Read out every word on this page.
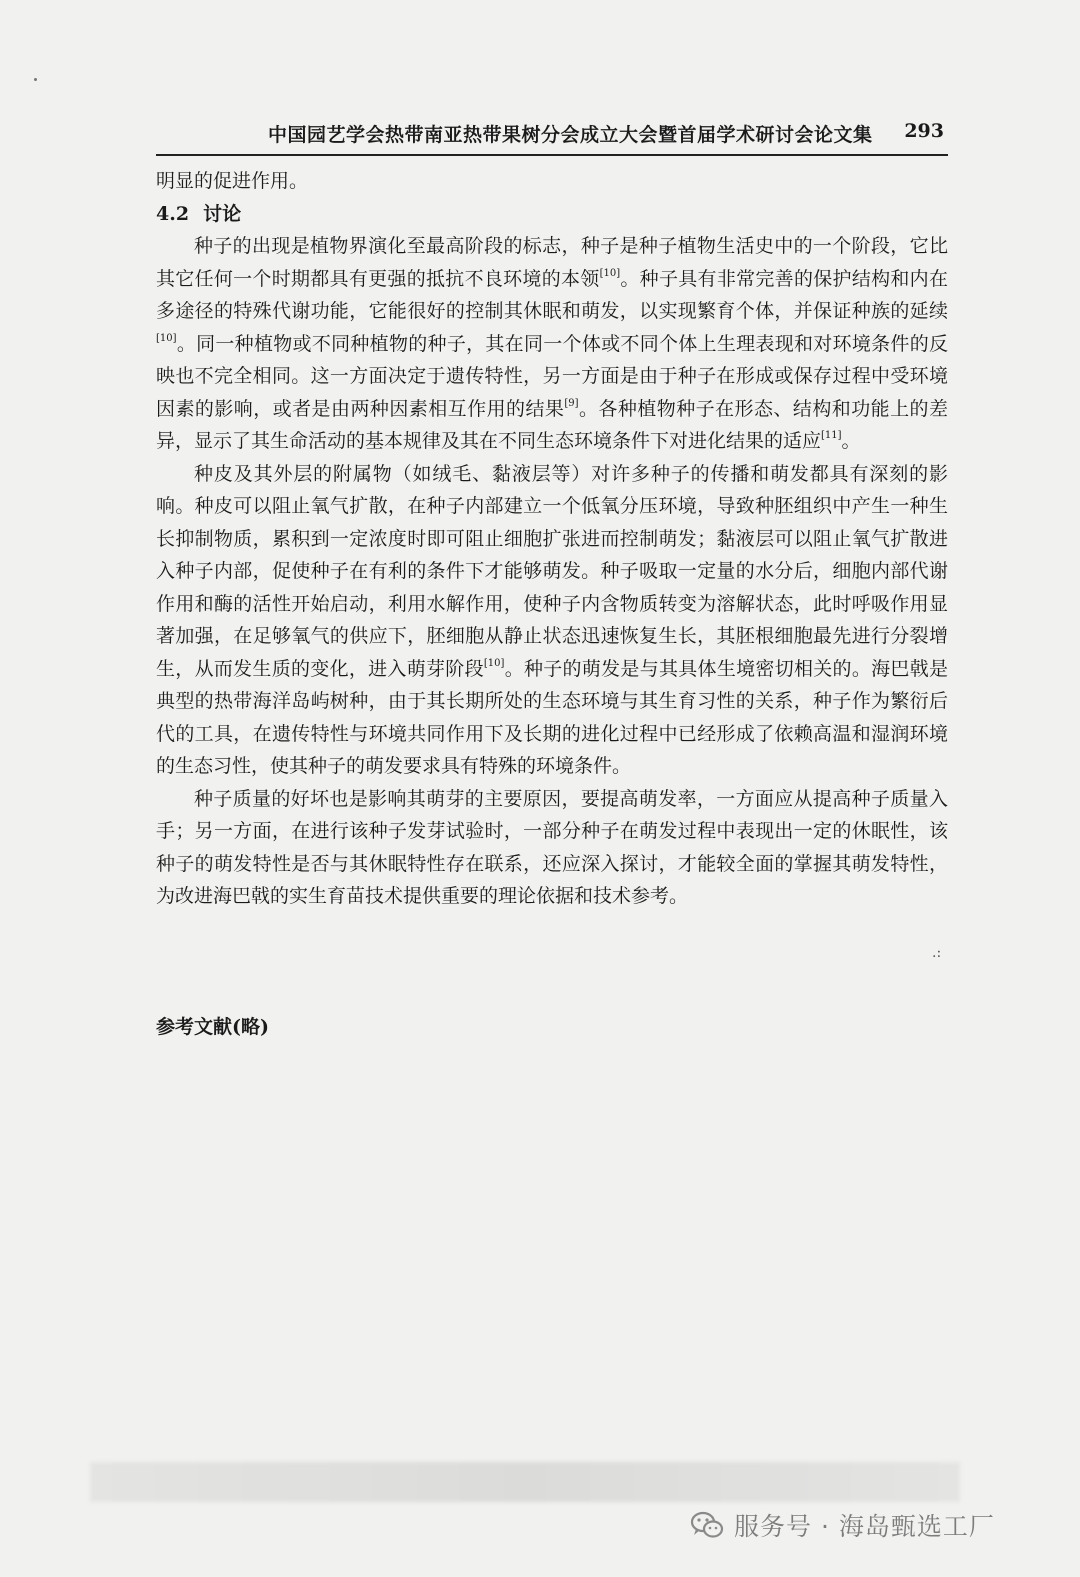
中国园艺学会热带南亚热带果树分会成立大会暨首届学术研讨会论文集 293

明显的促进作用。

4.2 讨论

种子的出现是植物界演化至最高阶段的标志，种子是种子植物生活史中的一个阶段，它比其它任何一个时期都具有更强的抵抗不良环境的本领[10]。种子具有非常完善的保护结构和内在多途径的特殊代谢功能，它能很好的控制其休眠和萌发，以实现繁育个体，并保证种族的延续[10]。同一种植物或不同种植物的种子，其在同一个体或不同个体上生理表现和对环境条件的反映也不完全相同。这一方面决定于遗传特性，另一方面是由于种子在形成或保存过程中受环境因素的影响，或者是由两种因素相互作用的结果[9]。各种植物种子在形态、结构和功能上的差异，显示了其生命活动的基本规律及其在不同生态环境条件下对进化结果的适应[11]。

种皮及其外层的附属物（如绒毛、黏液层等）对许多种子的传播和萌发都具有深刻的影响。种皮可以阻止氧气扩散，在种子内部建立一个低氧分压环境，导致种胚组织中产生一种生长抑制物质，累积到一定浓度时即可阻止细胞扩张进而控制萌发；黏液层可以阻止氧气扩散进入种子内部，促使种子在有利的条件下才能够萌发。种子吸取一定量的水分后，细胞内部代谢作用和酶的活性开始启动，利用水解作用，使种子内含物质转变为溶解状态，此时呼吸作用显著加强，在足够氧气的供应下，胚细胞从静止状态迅速恢复生长，其胚根细胞最先进行分裂增生，从而发生质的变化，进入萌芽阶段[10]。种子的萌发是与其具体生境密切相关的。海巴戟是典型的热带海洋岛屿树种，由于其长期所处的生态环境与其生育习性的关系，种子作为繁衍后代的工具，在遗传特性与环境共同作用下及长期的进化过程中已经形成了依赖高温和湿润环境的生态习性，使其种子的萌发要求具有特殊的环境条件。

种子质量的好坏也是影响其萌芽的主要原因，要提高萌发率，一方面应从提高种子质量入手；另一方面，在进行该种子发芽试验时，一部分种子在萌发过程中表现出一定的休眠性，该种子的萌发特性是否与其休眠特性存在联系，还应深入探讨，才能较全面的掌握其萌发特性，为改进海巴戟的实生育苗技术提供重要的理论依据和技术参考。

.:
参考文献(略)
服务号 · 海岛甄选工厂
